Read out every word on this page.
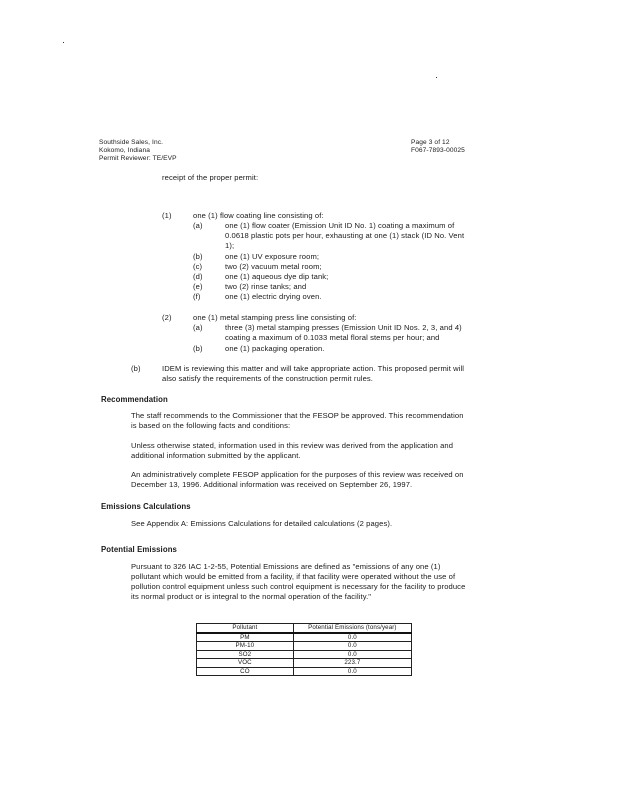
Southside Sales, Inc.
Kokomo, Indiana
Permit Reviewer: TE/EVP
Page 3 of 12
F067-7893-00025
receipt of the proper permit:
(1)	one (1) flow coating line consisting of:
(a)	one (1) flow coater (Emission Unit ID No. 1) coating a maximum of
0.0618 plastic pots per hour, exhausting at one (1) stack (ID No. Vent
1);
(b)	one (1) UV exposure room;
(c)	two (2) vacuum metal room;
(d)	one (1) aqueous dye dip tank;
(e)	two (2) rinse tanks; and
(f)	one (1) electric drying oven.
(2)	one (1) metal stamping press line consisting of:
(a)	three (3) metal stamping presses (Emission Unit ID Nos. 2, 3, and 4)
coating a maximum of 0.1033 metal floral stems per hour; and
(b)	one (1) packaging operation.
(b)	IDEM is reviewing this matter and will take appropriate action. This proposed permit will
also satisfy the requirements of the construction permit rules.
Recommendation
The staff recommends to the Commissioner that the FESOP be approved. This recommendation
is based on the following facts and conditions:
Unless otherwise stated, information used in this review was derived from the application and
additional information submitted by the applicant.
An administratively complete FESOP application for the purposes of this review was received on
December 13, 1996. Additional information was received on September 26, 1997.
Emissions Calculations
See Appendix A: Emissions Calculations for detailed calculations (2 pages).
Potential Emissions
Pursuant to 326 IAC 1-2-55, Potential Emissions are defined as "emissions of any one (1)
pollutant which would be emitted from a facility, if that facility were operated without the use of
pollution control equipment unless such control equipment is necessary for the facility to produce
its normal product or is integral to the normal operation of the facility."
Pollutant	Potential Emissions (tons/year)
PM	0.0
PM-10	0.0
SO2	0.0
VOC	223.7
CO	0.0
